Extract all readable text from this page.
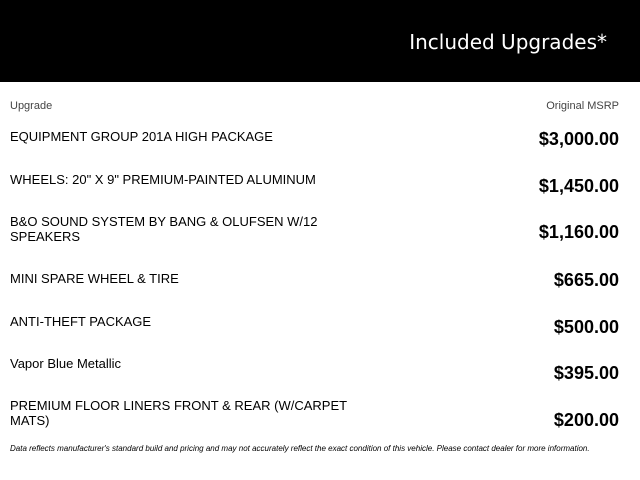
Included Upgrades*
Upgrade	Original MSRP
EQUIPMENT GROUP 201A HIGH PACKAGE	$3,000.00
WHEELS: 20" X 9" PREMIUM-PAINTED ALUMINUM	$1,450.00
B&O SOUND SYSTEM BY BANG & OLUFSEN W/12 SPEAKERS	$1,160.00
MINI SPARE WHEEL & TIRE	$665.00
ANTI-THEFT PACKAGE	$500.00
Vapor Blue Metallic	$395.00
PREMIUM FLOOR LINERS FRONT & REAR (W/CARPET MATS)	$200.00
Data reflects manufacturer's standard build and pricing and may not accurately reflect the exact condition of this vehicle. Please contact dealer for more information.
